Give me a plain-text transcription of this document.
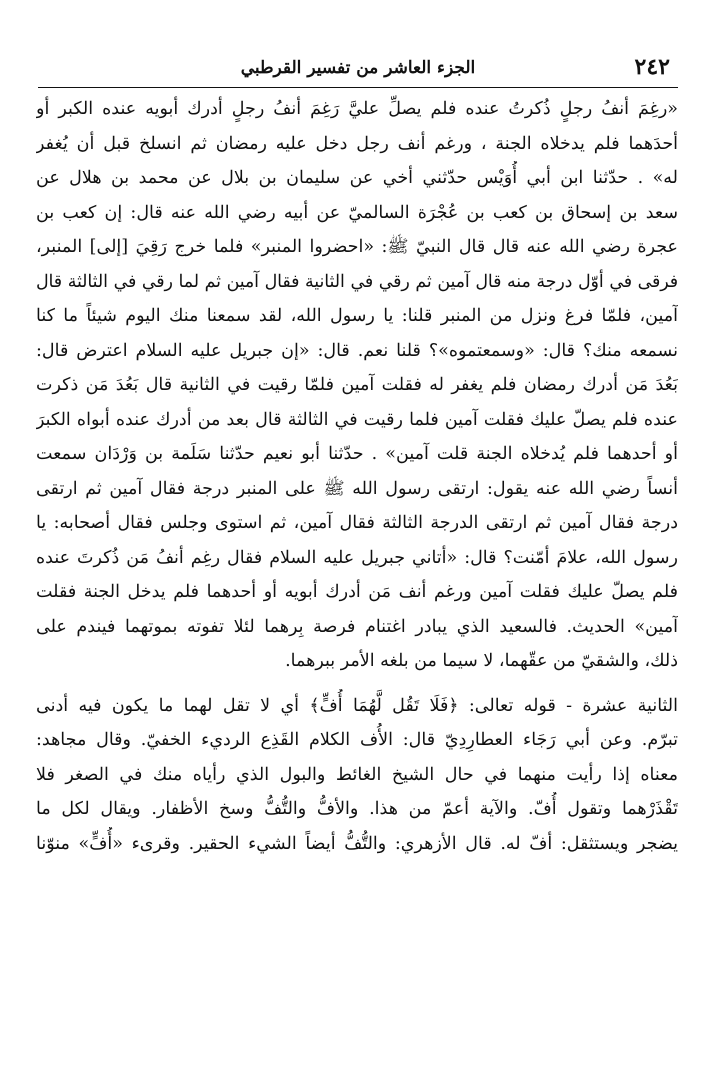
٢٤٢
الجزء العاشر من تفسير القرطبي
«رغِمَ أنفُ رجلٍ ذُكرتُ عنده فلم يصلِّ عليَّ رَغِمَ أنفُ رجلٍ أدرك أبويه عنده الكبر أو
أحدَهما فلم يدخلاه الجنة ، ورغم أنف رجل دخل عليه رمضان ثم انسلخ قبل أن يُغفر
له» . حدّثنا ابن أبي أُوَيْس حدّثني أخي عن سليمان بن بلال عن محمد بن هلال عن
سعد بن إسحاق بن كعب بن عُجْرَة السالميّ عن أبيه رضي الله عنه قال: إن كعب بن
عجرة رضي الله عنه قال قال النبيّ ﷺ: «احضروا المنبر» فلما خرج رَقِيَ [إلى] المنبر،
فرقى في أوّل درجة منه قال آمين ثم رقي في الثانية فقال آمين ثم لما رقي في الثالثة قال
آمين، فلمّا فرغ ونزل من المنبر قلنا: يا رسول الله، لقد سمعنا منك اليوم شيئاً ما كنا
نسمعه منك؟ قال: «وسمعتموه»؟ قلنا نعم. قال: «إن جبريل عليه السلام اعترض قال:
بَعُدَ مَن أدرك رمضان فلم يغفر له فقلت آمين فلمّا رقيت في الثانية قال بَعُدَ مَن ذكرت
عنده فلم يصلّ عليك فقلت آمين فلما رقيت في الثالثة قال بعد من أدرك عنده أبواه الكبرَ
أو أحدهما فلم يُدخلاه الجنة قلت آمين» . حدّثنا أبو نعيم حدّثنا سَلَمة بن وَرْدَان سمعت
أنساً رضي الله عنه يقول: ارتقى رسول الله ﷺ على المنبر درجة فقال آمين ثم ارتقى
درجة فقال آمين ثم ارتقى الدرجة الثالثة فقال آمين، ثم استوى وجلس فقال أصحابه: يا
رسول الله، علامَ أمّنت؟ قال: «أتاني جبريل عليه السلام فقال رغِم أنفُ مَن ذُكرتَ عنده
فلم يصلّ عليك فقلت آمين ورغم أنف مَن أدرك أبويه أو أحدهما فلم يدخل الجنة فقلت
آمين» الحديث. فالسعيد الذي يبادر اغتنام فرصة بِرهما لئلا تفوته بموتهما فيندم على
ذلك، والشقيّ من عقّهما، لا سيما من بلغه الأمر ببرهما.
الثانية عشرة - قوله تعالى: ﴿فَلَا تَقُل لَّهُمَا أُفٍّ﴾ أي لا تقل لهما ما يكون فيه أدنى
تبرّم. وعن أبي رَجَاء العطارِدِيّ قال: الأُف الكلام القَذِع الرديء الخفيّ. وقال مجاهد:
معناه إذا رأيت منهما في حال الشيخ الغائط والبول الذي رأياه منك في الصغر فلا
تَقْذَرْهما وتقول أُفّ. والآية أعمّ من هذا. والأفُّ والتُّفُّ وسخ الأظفار. ويقال لكل ما
يضجر ويستثقل: أفّ له. قال الأزهري: والتُّفُّ أيضاً الشيء الحقير. وقرىء «أُفٍّ» منوّنا
